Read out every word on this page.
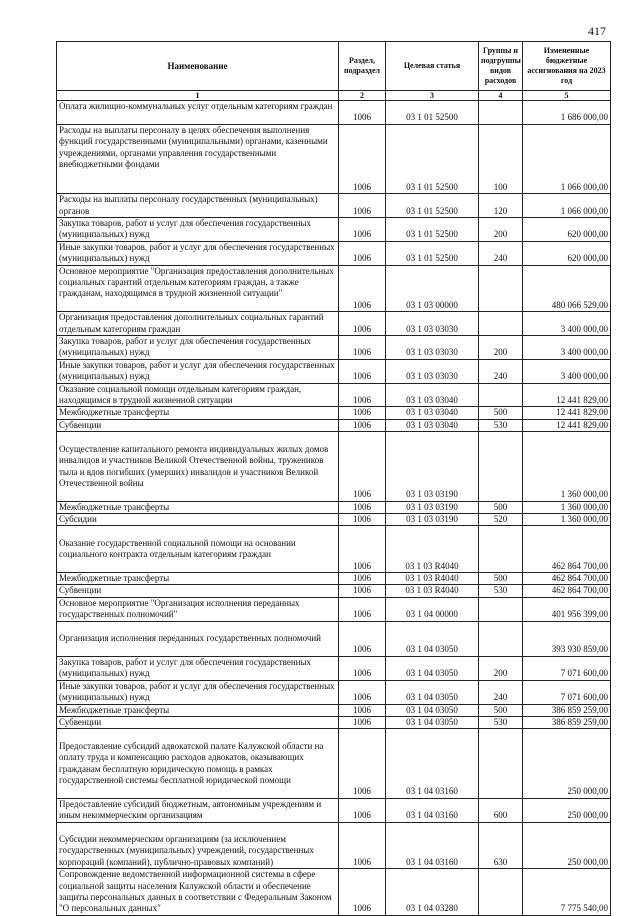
417
Наименование	Раздел, подраздел	Целевая статья	Группы и подгруппы видов расходов	Измененные бюджетные ассигнования на 2023 год
1	2	3	4	5
Оплата жилищно-коммунальных услуг отдельным категориям граждан	1006	03 1 01 52500		1 686 000,00
Расходы на выплаты персоналу в целях обеспечения выполнения функций государственными (муниципальными) органами, казенными учреждениями, органами управления государственными внебюджетными фондами	1006	03 1 01 52500	100	1 066 000,00
Расходы на выплаты персоналу государственных (муниципальных) органов	1006	03 1 01 52500	120	1 066 000,00
Закупка товаров, работ и услуг для обеспечения государственных (муниципальных) нужд	1006	03 1 01 52500	200	620 000,00
Иные закупки товаров, работ и услуг для обеспечения государственных (муниципальных) нужд	1006	03 1 01 52500	240	620 000,00
Основное мероприятие "Организация предоставления дополнительных социальных гарантий отдельным категориям граждан, а также гражданам, находящимся в трудной жизненной ситуации"	1006	03 1 03 00000		480 066 529,00
Организация предоставления дополнительных социальных гарантий отдельным категориям граждан	1006	03 1 03 03030		3 400 000,00
Закупка товаров, работ и услуг для обеспечения государственных (муниципальных) нужд	1006	03 1 03 03030	200	3 400 000,00
Иные закупки товаров, работ и услуг для обеспечения государственных (муниципальных) нужд	1006	03 1 03 03030	240	3 400 000,00
Оказание социальной помощи отдельным категориям граждан, находящимся в трудной жизненной ситуации	1006	03 1 03 03040		12 441 829,00
Межбюджетные трансферты	1006	03 1 03 03040	500	12 441 829,00
Субвенции	1006	03 1 03 03040	530	12 441 829,00

Осуществление капитального ремонта индивидуальных жилых домов инвалидов и участников Великой Отечественной войны, тружеников тыла и вдов погибших (умерших) инвалидов и участников Великой Отечественной войны	1006	03 1 03 03190		1 360 000,00
Межбюджетные трансферты	1006	03 1 03 03190	500	1 360 000,00
Субсидии	1006	03 1 03 03190	520	1 360 000,00

Оказание государственной социальной помощи на основании социального контракта отдельным категориям граждан	1006	03 1 03 R4040		462 864 700,00
Межбюджетные трансферты	1006	03 1 03 R4040	500	462 864 700,00
Субвенции	1006	03 1 03 R4040	530	462 864 700,00
Основное мероприятие "Организация исполнения переданных государственных полномочий"	1006	03 1 04 00000		401 956 399,00

Организация исполнения переданных государственных полномочий	1006	03 1 04 03050		393 930 859,00
Закупка товаров, работ и услуг для обеспечения государственных (муниципальных) нужд	1006	03 1 04 03050	200	7 071 600,00
Иные закупки товаров, работ и услуг для обеспечения государственных (муниципальных) нужд	1006	03 1 04 03050	240	7 071 600,00
Межбюджетные трансферты	1006	03 1 04 03050	500	386 859 259,00
Субвенции	1006	03 1 04 03050	530	386 859 259,00

Предоставление субсидий адвокатской палате Калужской области на оплату труда и компенсацию расходов адвокатов, оказывающих гражданам бесплатную юридическую помощь в рамках государственной системы бесплатной юридической помощи	1006	03 1 04 03160		250 000,00
Предоставление субсидий бюджетным, автономным учреждениям и иным некоммерческим организациям	1006	03 1 04 03160	600	250 000,00

Субсидии некоммерческим организациям (за исключением государственных (муниципальных) учреждений, государственных корпораций (компаний), публично-правовых компаний)	1006	03 1 04 03160	630	250 000,00
Сопровождение ведомственной информационной системы в сфере социальной защиты населения Калужской области и обеспечение защиты персональных данных в соответствии с Федеральным Законом "О персональных данных"	1006	03 1 04 03280		7 775 540,00
